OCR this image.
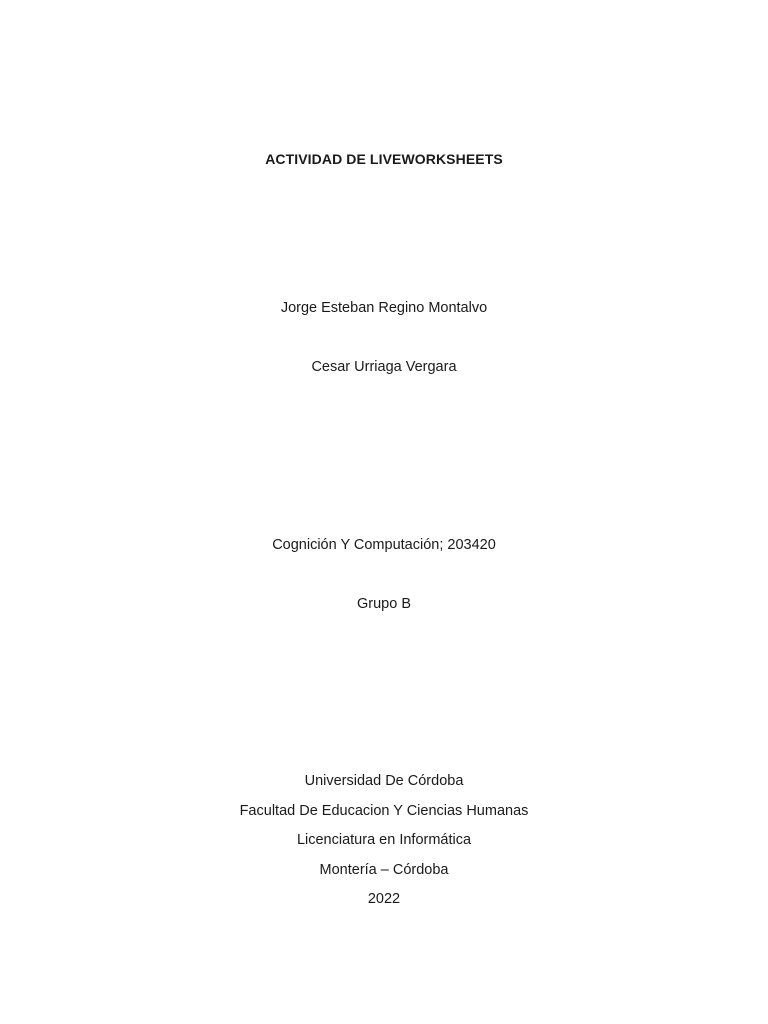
ACTIVIDAD DE LIVEWORKSHEETS
Jorge Esteban Regino Montalvo
Cesar Urriaga Vergara
Cognición Y Computación; 203420
Grupo B
Universidad De Córdoba
Facultad De Educacion Y Ciencias Humanas
Licenciatura en Informática
Montería – Córdoba
2022
